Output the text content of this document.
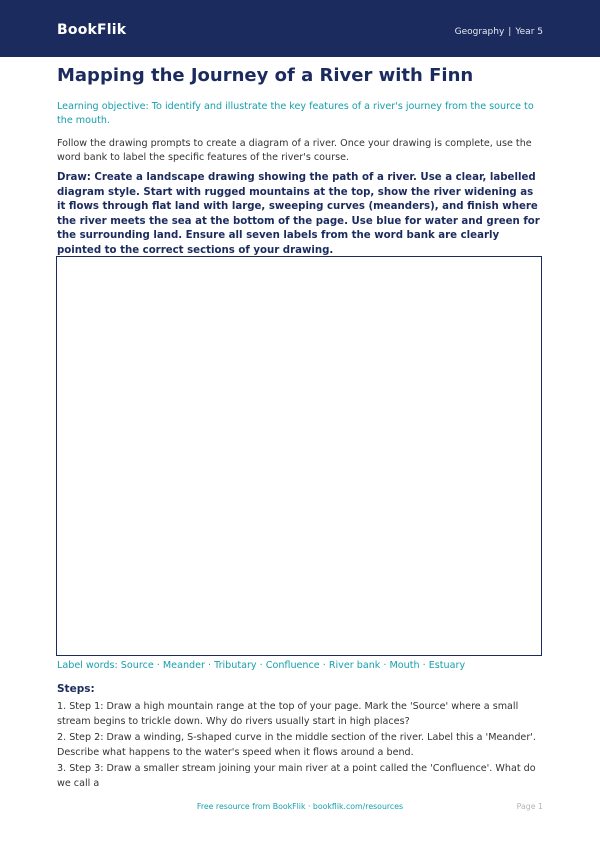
BookFlik	Geography | Year 5
Mapping the Journey of a River with Finn
Learning objective: To identify and illustrate the key features of a river's journey from the source to the mouth.
Follow the drawing prompts to create a diagram of a river. Once your drawing is complete, use the word bank to label the specific features of the river's course.
Draw: Create a landscape drawing showing the path of a river. Use a clear, labelled diagram style. Start with rugged mountains at the top, show the river widening as it flows through flat land with large, sweeping curves (meanders), and finish where the river meets the sea at the bottom of the page. Use blue for water and green for the surrounding land. Ensure all seven labels from the word bank are clearly pointed to the correct sections of your drawing.
Label words: Source · Meander · Tributary · Confluence · River bank · Mouth · Estuary
Steps:
1. Step 1: Draw a high mountain range at the top of your page. Mark the 'Source' where a small stream begins to trickle down. Why do rivers usually start in high places?
2. Step 2: Draw a winding, S-shaped curve in the middle section of the river. Label this a 'Meander'. Describe what happens to the water's speed when it flows around a bend.
3. Step 3: Draw a smaller stream joining your main river at a point called the 'Confluence'. What do we call a
Free resource from BookFlik · bookflik.com/resources	Page 1
